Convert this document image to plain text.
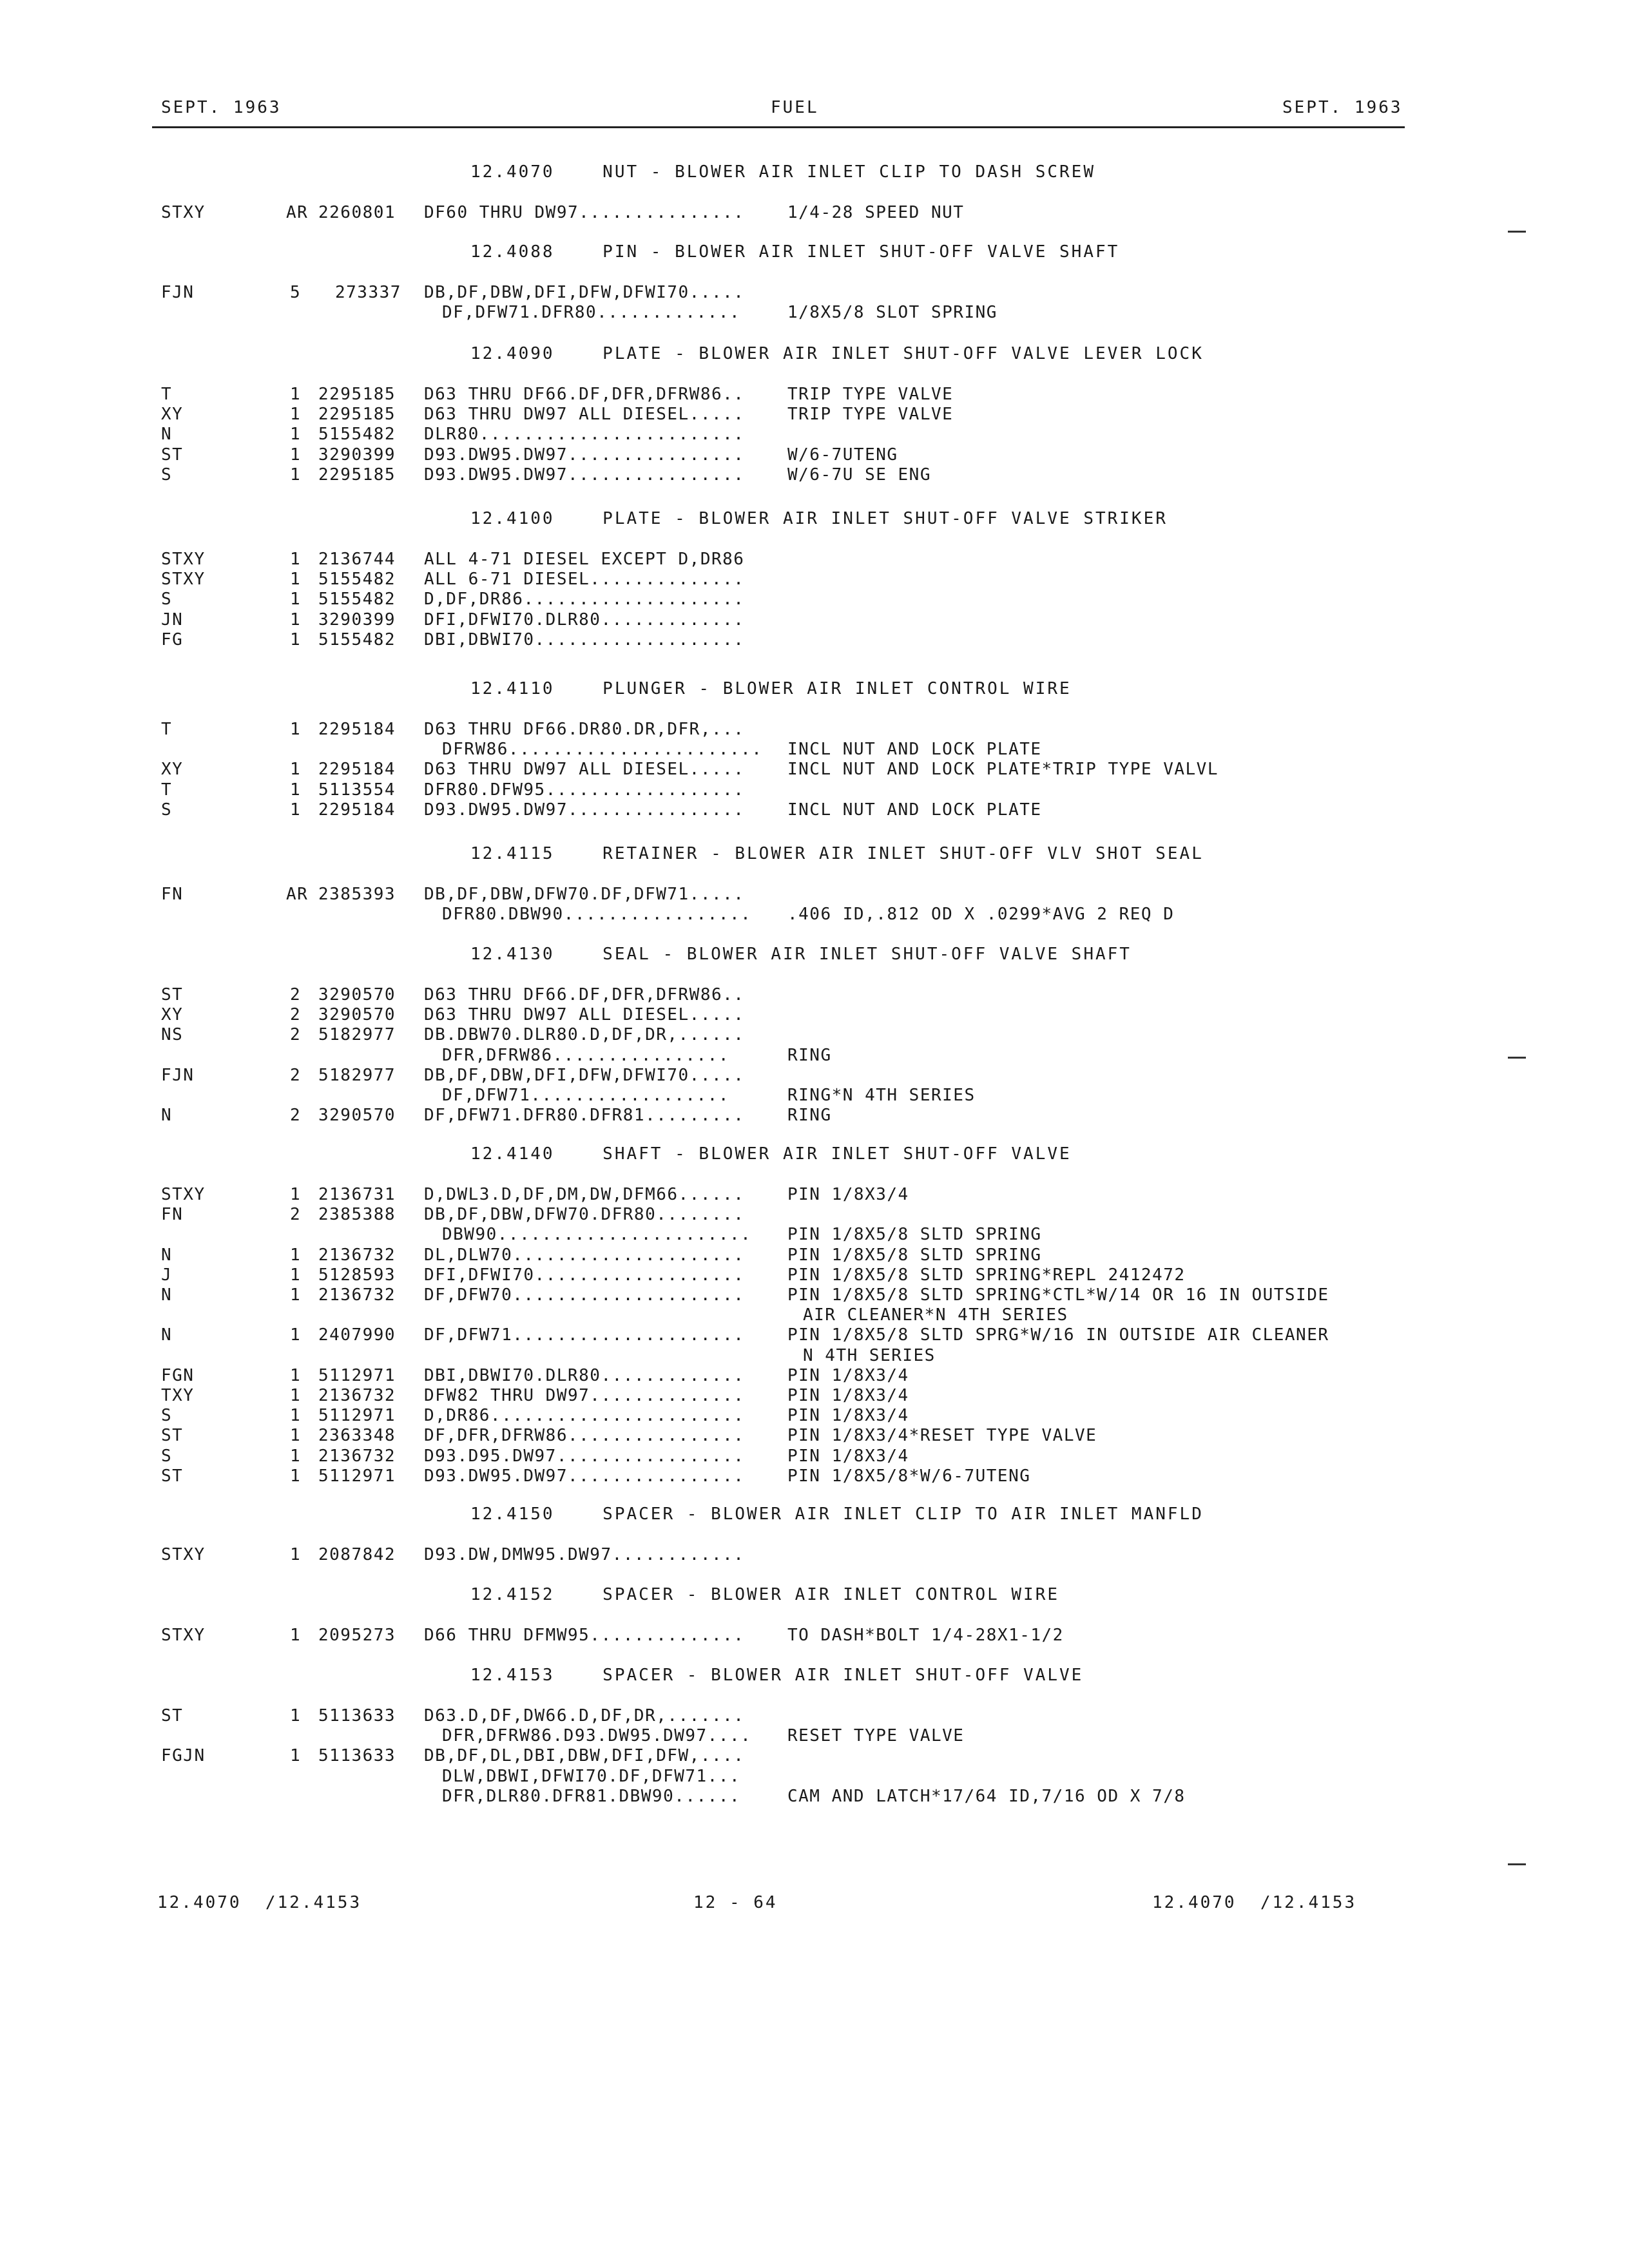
SEPT. 1963	FUEL	SEPT. 1963
12.4070    NUT - BLOWER AIR INLET CLIP TO DASH SCREW
STXY	AR 2260801 DF60 THRU DW97...............	1/4-28 SPEED NUT
12.4088    PIN - BLOWER AIR INLET SHUT-OFF VALVE SHAFT
FJN	5 273337 DB,DF,DBW,DFI,DFW,DFWI70.....
DF,DFW71.DFR80.............	1/8X5/8 SLOT SPRING
12.4090    PLATE - BLOWER AIR INLET SHUT-OFF VALVE LEVER LOCK
T	1 2295185 D63 THRU DF66.DF,DFR,DFRW86..	TRIP TYPE VALVE
XY	1 2295185 D63 THRU DW97 ALL DIESEL.....	TRIP TYPE VALVE
N	1 5155482 DLR80........................
ST	1 3290399 D93.DW95.DW97................	W/6-7UTENG
S	1 2295185 D93.DW95.DW97................	W/6-7U SE ENG
12.4100    PLATE - BLOWER AIR INLET SHUT-OFF VALVE STRIKER
STXY	1 2136744 ALL 4-71 DIESEL EXCEPT D,DR86
STXY	1 5155482 ALL 6-71 DIESEL..............
S	1 5155482 D,DF,DR86....................
JN	1 3290399 DFI,DFWI70.DLR80.............
FG	1 5155482 DBI,DBWI70...................
12.4110    PLUNGER - BLOWER AIR INLET CONTROL WIRE
T	1 2295184 D63 THRU DF66.DR80.DR,DFR,...
DFRW86....................... INCL NUT AND LOCK PLATE
XY	1 2295184 D63 THRU DW97 ALL DIESEL.....	INCL NUT AND LOCK PLATE*TRIP TYPE VALVL
T	1 5113554 DFR80.DFW95..................
S	1 2295184 D93.DW95.DW97................	INCL NUT AND LOCK PLATE
12.4115    RETAINER - BLOWER AIR INLET SHUT-OFF VLV SHOT SEAL
FN	AR 2385393 DB,DF,DBW,DFW70.DF,DFW71.....
DFR80.DBW90................. .406 ID,.812 OD X .0299*AVG 2 REQ D
12.4130    SEAL - BLOWER AIR INLET SHUT-OFF VALVE SHAFT
ST	2 3290570 D63 THRU DF66.DF,DFR,DFRW86..
XY	2 3290570 D63 THRU DW97 ALL DIESEL.....
NS	2 5182977 DB.DBW70.DLR80.D,DF,DR,......
DFR,DFRW86................	RING
FJN	2 5182977 DB,DF,DBW,DFI,DFW,DFWI70.....
DF,DFW71..................	RING*N 4TH SERIES
N	2 3290570 DF,DFW71.DFR80.DFR81.........	RING
12.4140    SHAFT - BLOWER AIR INLET SHUT-OFF VALVE
STXY	1 2136731 D,DWL3.D,DF,DM,DW,DFM66......	PIN 1/8X3/4
FN	2 2385388 DB,DF,DBW,DFW70.DFR80........
DBW90....................... PIN 1/8X5/8 SLTD SPRING
N	1 2136732 DL,DLW70.....................	PIN 1/8X5/8 SLTD SPRING
J	1 5128593 DFI,DFWI70...................	PIN 1/8X5/8 SLTD SPRING*REPL 2412472
N	1 2136732 DF,DFW70.....................	PIN 1/8X5/8 SLTD SPRING*CTL*W/14 OR 16 IN OUTSIDE
AIR CLEANER*N 4TH SERIES
N	1 2407990 DF,DFW71.....................	PIN 1/8X5/8 SLTD SPRG*W/16 IN OUTSIDE AIR CLEANER
N 4TH SERIES
FGN	1 5112971 DBI,DBWI70.DLR80.............	PIN 1/8X3/4
TXY	1 2136732 DFW82 THRU DW97..............	PIN 1/8X3/4
S	1 5112971 D,DR86.......................	PIN 1/8X3/4
ST	1 2363348 DF,DFR,DFRW86................	PIN 1/8X3/4*RESET TYPE VALVE
S	1 2136732 D93.D95.DW97.................	PIN 1/8X3/4
ST	1 5112971 D93.DW95.DW97................	PIN 1/8X5/8*W/6-7UTENG
12.4150    SPACER - BLOWER AIR INLET CLIP TO AIR INLET MANFLD
STXY	1 2087842 D93.DW,DMW95.DW97............
12.4152    SPACER - BLOWER AIR INLET CONTROL WIRE
STXY	1 2095273 D66 THRU DFMW95..............	TO DASH*BOLT 1/4-28X1-1/2
12.4153    SPACER - BLOWER AIR INLET SHUT-OFF VALVE
ST	1 5113633 D63.D,DF,DW66.D,DF,DR,.......
DFR,DFRW86.D93.DW95.DW97.... RESET TYPE VALVE
FGJN	1 5113633 DB,DF,DL,DBI,DBW,DFI,DFW,....
DLW,DBWI,DFWI70.DF,DFW71...
DFR,DLR80.DFR81.DBW90......	CAM AND LATCH*17/64 ID,7/16 OD X 7/8
12.4070  /12.4153	12 - 64	12.4070  /12.4153
